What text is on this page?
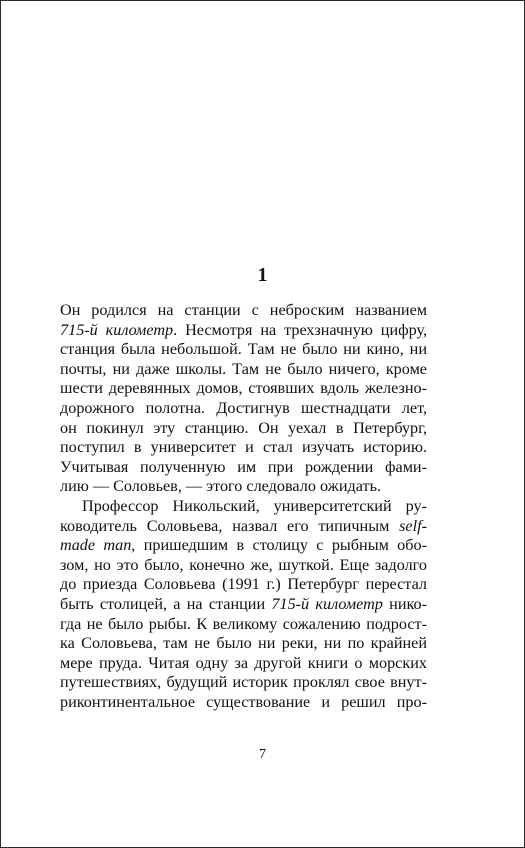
1
Он родился на станции с неброским названием
715-й километр. Несмотря на трехзначную цифру,
станция была небольшой. Там не было ни кино, ни
почты, ни даже школы. Там не было ничего, кроме
шести деревянных домов, стоявших вдоль железно-
дорожного полотна. Достигнув шестнадцати лет,
он покинул эту станцию. Он уехал в Петербург,
поступил в университет и стал изучать историю.
Учитывая полученную им при рождении фами-
лию — Соловьев, — этого следовало ожидать.
Профессор Никольский, университетский ру-
ководитель Соловьева, назвал его типичным self-
made man, пришедшим в столицу с рыбным обо-
зом, но это было, конечно же, шуткой. Еще задолго
до приезда Соловьева (1991 г.) Петербург перестал
быть столицей, а на станции 715-й километр нико-
гда не было рыбы. К великому сожалению подрост-
ка Соловьева, там не было ни реки, ни по крайней
мере пруда. Читая одну за другой книги о морских
путешествиях, будущий историк проклял свое внут-
риконтинентальное существование и решил про-
7
